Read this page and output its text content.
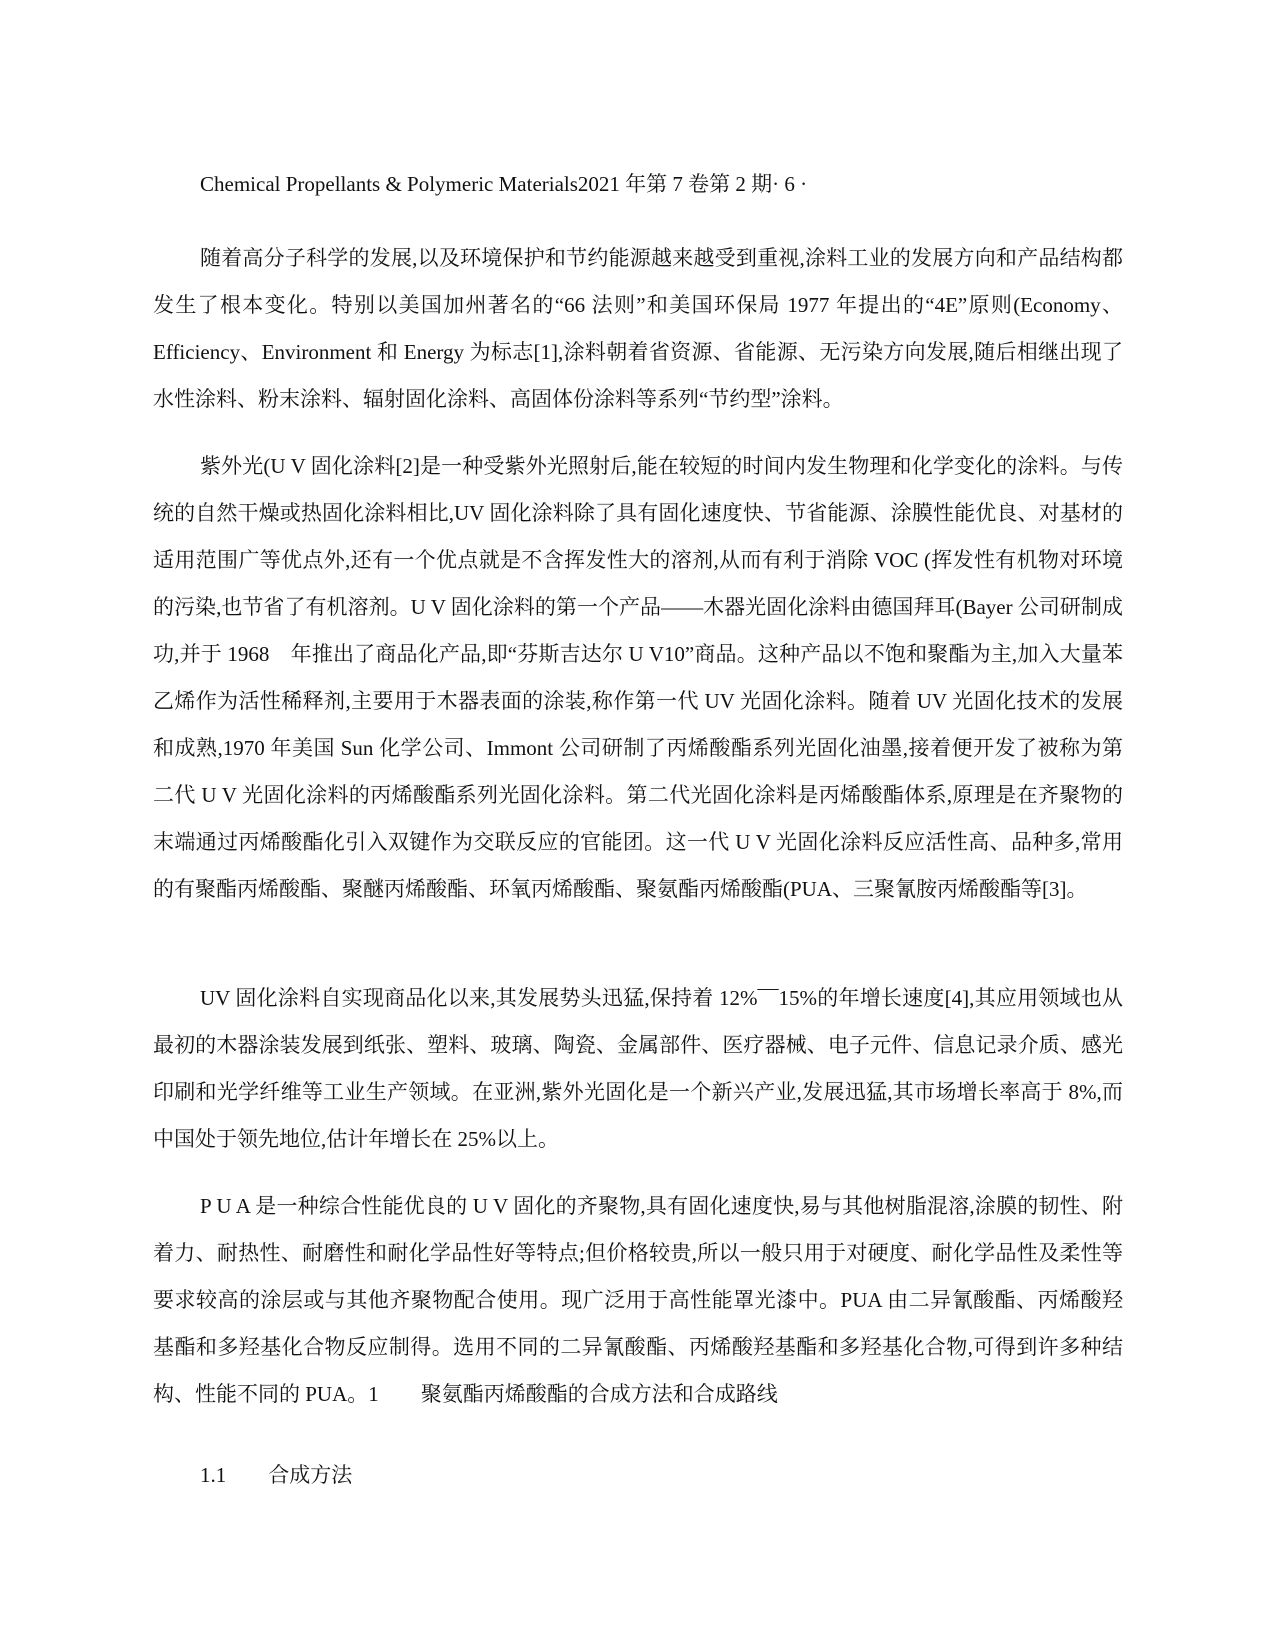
Chemical Propellants & Polymeric Materials2021 年第 7 卷第 2 期· 6 ·

随着高分子科学的发展,以及环境保护和节约能源越来越受到重视,涂料工业的发展方向和产品结构都发生了根本变化。特别以美国加州著名的“66 法则”和美国环保局 1977 年提出的“4E”原则(Economy、Efficiency、Environment 和 Energy 为标志[1],涂料朝着省资源、省能源、无污染方向发展,随后相继出现了水性涂料、粉末涂料、辐射固化涂料、高固体份涂料等系列“节约型”涂料。

紫外光(U V 固化涂料[2]是一种受紫外光照射后,能在较短的时间内发生物理和化学变化的涂料。与传统的自然干燥或热固化涂料相比,UV 固化涂料除了具有固化速度快、节省能源、涂膜性能优良、对基材的适用范围广等优点外,还有一个优点就是不含挥发性大的溶剂,从而有利于消除 VOC (挥发性有机物对环境的污染,也节省了有机溶剂。U V 固化涂料的第一个产品——木器光固化涂料由德国拜耳(Bayer 公司研制成功,并于 1968　年推出了商品化产品,即“芬斯吉达尔 U V10”商品。这种产品以不饱和聚酯为主,加入大量苯乙烯作为活性稀释剂,主要用于木器表面的涂装,称作第一代 UV 光固化涂料。随着 UV 光固化技术的发展和成熟,1970 年美国 Sun 化学公司、Immont 公司研制了丙烯酸酯系列光固化油墨,接着便开发了被称为第二代 U V 光固化涂料的丙烯酸酯系列光固化涂料。第二代光固化涂料是丙烯酸酯体系,原理是在齐聚物的末端通过丙烯酸酯化引入双键作为交联反应的官能团。这一代 U V 光固化涂料反应活性高、品种多,常用的有聚酯丙烯酸酯、聚醚丙烯酸酯、环氧丙烯酸酯、聚氨酯丙烯酸酯(PUA、三聚氰胺丙烯酸酯等[3]。

UV 固化涂料自实现商品化以来,其发展势头迅猛,保持着 12%¯¯15%的年增长速度[4],其应用领域也从最初的木器涂装发展到纸张、塑料、玻璃、陶瓷、金属部件、医疗器械、电子元件、信息记录介质、感光印刷和光学纤维等工业生产领域。在亚洲,紫外光固化是一个新兴产业,发展迅猛,其市场增长率高于 8%,而中国处于领先地位,估计年增长在 25%以上。

P U A 是一种综合性能优良的 U V 固化的齐聚物,具有固化速度快,易与其他树脂混溶,涂膜的韧性、附着力、耐热性、耐磨性和耐化学品性好等特点;但价格较贵,所以一般只用于对硬度、耐化学品性及柔性等要求较高的涂层或与其他齐聚物配合使用。现广泛用于高性能罩光漆中。PUA 由二异氰酸酯、丙烯酸羟基酯和多羟基化合物反应制得。选用不同的二异氰酸酯、丙烯酸羟基酯和多羟基化合物,可得到许多种结构、性能不同的 PUA。1　　聚氨酯丙烯酸酯的合成方法和合成路线

1.1　　合成方法
